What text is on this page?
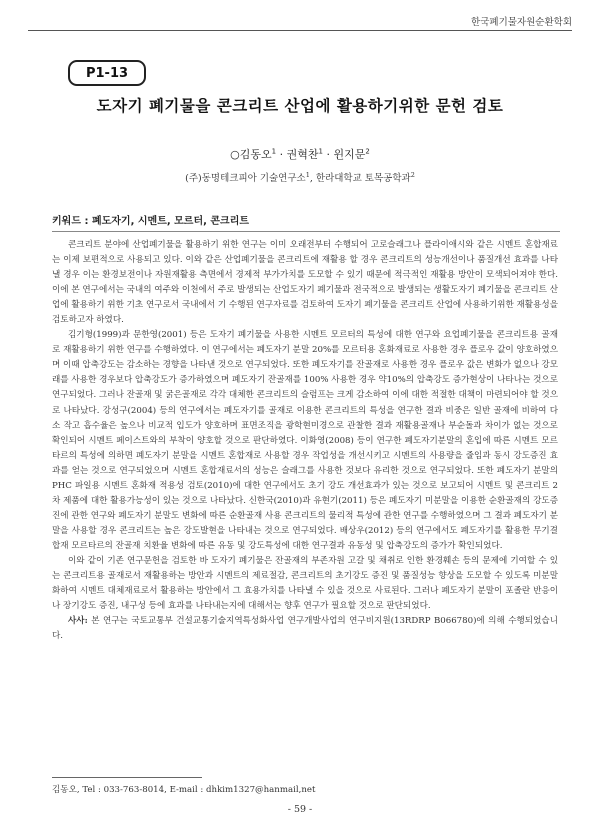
한국폐기물자원순환학회
P1-13
도자기 폐기물을 콘크리트 산업에 활용하기위한 문헌 검토
○김동오$^1$ · 권혁찬$^1$ · 윈지문$^2$
(주)동명테크피아 기술연구소$^1$, 한라대학교 토목공학과$^2$
키워드 : 폐도자기, 시멘트, 모르터, 콘크리트

콘크리트 분야에 산업폐기물을 활용하기 위한 연구는 이미 오래전부터 수행되어 고로슬래그나 플라이애시와 같은 시멘트 혼합재료는 이제 보편적으로 사용되고 있다. 이와 같은 산업폐기물을 콘크리트에 재활용 할 경우 콘크리트의 성능개선이나 품질개선 효과를 나타낼 경우 이는 환경보전이나 자원재활용 측면에서 경제적 부가가치를 도모할 수 있기 때문에 적극적인 재활용 방안이 모색되어져야 한다. 이에 본 연구에서는 국내의 여주와 이천에서 주로 발생되는 산업도자기 폐기물과 전국적으로 발생되는 생활도자기 폐기물을 콘크리트 산업에 활용하기 위한 기초 연구로서 국내에서 기 수행된 연구자료를 검토하여 도자기 폐기물을 콘크리트 산업에 사용하기위한 재활용성을 검토하고자 하였다.

김기형(1999)과 문한영(2001) 등은 도자기 폐기물을 사용한 시멘트 모르터의 특성에 대한 연구와 요업폐기물을 콘크리트용 골재로 재활용하기 위한 연구를 수행하였다. 이 연구에서는 폐도자기 분말 20%를 모르터용 혼화재료로 사용한 경우 플로우 값이 양호하였으며 이때 압축강도는 감소하는 경향을 나타낸 것으로 연구되었다. 또한 폐도자기를 잔골재로 사용한 경우 플로우 값은 변화가 없으나 강모래를 사용한 경우보다 압축강도가 증가하였으며 폐도자기 잔골재를 100% 사용한 경우 약10%의 압축강도 증가현상이 나타나는 것으로 연구되었다. 그러나 잔골재 및 굵은골재로 각각 대체한 콘크리트의 슬럼프는 크게 감소하여 이에 대한 적절한 대책이 마련되어야 할 것으로 나타났다. 강성구(2004) 등의 연구에서는 폐도자기를 골재로 이용한 콘크리트의 특성을 연구한 결과 비중은 일반 골재에 비하여 다소 작고 흡수율은 높으나 비교적 입도가 양호하며 표면조직을 광학현미경으로 관찰한 결과 재활용골재나 부순돌과 차이가 없는 것으로 확인되어 시멘트 페이스트와의 부착이 양호할 것으로 판단하였다. 이화영(2008) 등이 연구한 폐도자기분말의 혼입에 따른 시멘트 모르타르의 특성에 의하면 폐도자기 분말을 시멘트 혼합재로 사용할 경우 작업성을 개선시키고 시멘트의 사용량을 줄임과 동시 강도증진 효과를 얻는 것으로 연구되었으며 시멘트 혼합재료서의 성능은 슬래그를 사용한 것보다 유리한 것으로 연구되었다. 또한 폐도자기 분말의 PHC 파일용 시멘트 혼화재 적용성 검토(2010)에 대한 연구에서도 초기 강도 개선효과가 있는 것으로 보고되어 시멘트 및 콘크리트 2차 제품에 대한 활용가능성이 있는 것으로 나타났다. 신한국(2010)과 유현기(2011) 등은 폐도자기 미분말을 이용한 순환골재의 강도증진에 관한 연구와 폐도자기 분말도 변화에 따른 순환골재 사용 콘크리트의 물리적 특성에 관한 연구를 수행하였으며 그 결과 폐도자기 분말을 사용할 경우 콘크리트는 높은 강도발현을 나타내는 것으로 연구되었다. 배상우(2012) 등의 연구에서도 폐도자기를 활용한 무기결합재 모르타르의 잔골재 치환율 변화에 따른 유동 및 강도특성에 대한 연구결과 유동성 및 압축강도의 증가가 확인되었다.

이와 같이 기존 연구문헌을 검토한 바 도자기 폐기물은 잔골재의 부존자원 고갈 및 채취로 인한 환경훼손 등의 문제에 기여할 수 있는 콘크리트용 골재로서 재활용하는 방안과 시멘트의 제료절감, 콘크리트의 초기강도 증진 및 품질성능 향상을 도모할 수 있도록 미분말화하여 시멘트 대체재료로서 활용하는 방안에서 그 효용가치를 나타낼 수 있을 것으로 사료된다. 그러나 폐도자기 분말이 포졸란 반응이나 장기강도 증진, 내구성 등에 효과를 나타내는지에 대해서는 향후 연구가 필요할 것으로 판단되었다.

사사: 본 연구는 국토교통부 건설교통기술지역특성화사업 연구개발사업의 연구비지원(13RDRP B066780)에 의해 수행되었습니다.

김동오, Tel : 033-763-8014, E-mail : dhkim1327@hanmail,net
- 59 -
